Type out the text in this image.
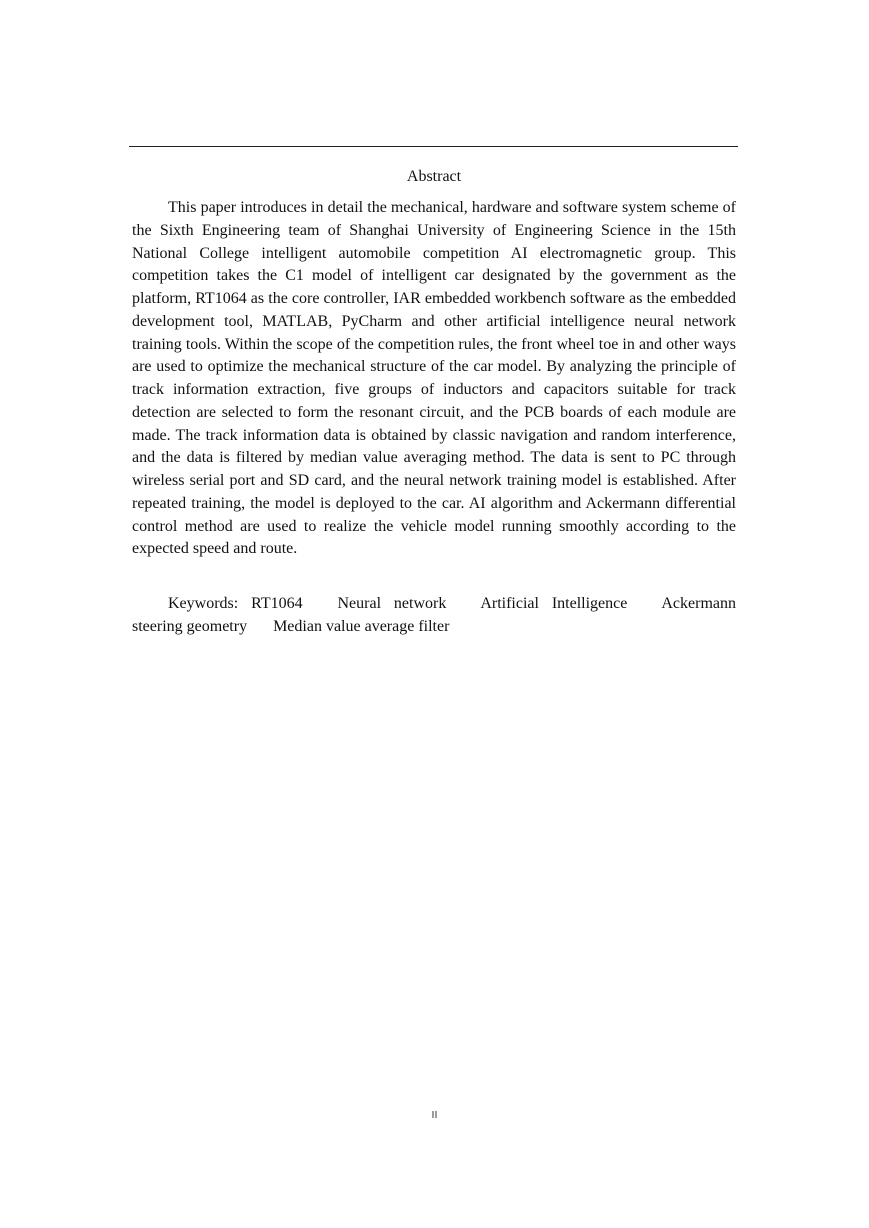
Abstract

This paper introduces in detail the mechanical, hardware and software system scheme of the Sixth Engineering team of Shanghai University of Engineering Science in the 15th National College intelligent automobile competition AI electromagnetic group. This competition takes the C1 model of intelligent car designated by the government as the platform, RT1064 as the core controller, IAR embedded workbench software as the embedded development tool, MATLAB, PyCharm and other artificial intelligence neural network training tools. Within the scope of the competition rules, the front wheel toe in and other ways are used to optimize the mechanical structure of the car model. By analyzing the principle of track information extraction, five groups of inductors and capacitors suitable for track detection are selected to form the resonant circuit, and the PCB boards of each module are made. The track information data is obtained by classic navigation and random interference, and the data is filtered by median value averaging method. The data is sent to PC through wireless serial port and SD card, and the neural network training model is established. After repeated training, the model is deployed to the car. AI algorithm and Ackermann differential control method are used to realize the vehicle model running smoothly according to the expected speed and route.

Keywords: RT1064 Neural network Artificial Intelligence Ackermann steering geometry Median value average filter

II
